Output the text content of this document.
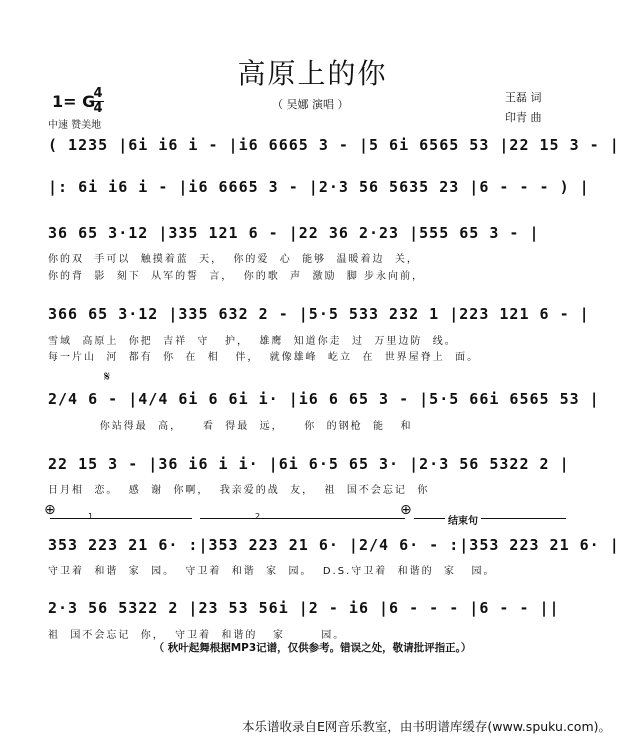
高原上的你
（ 吴娜 演唱 ）
1= G
4
4
中速 赞美地
王磊 词
印青 曲
( 1235 |6i i6 i - |i6 6665 3 - |5 6i 6565 53 |22 15 3 - |
|: 6i i6 i - |i6 6665 3 - |2·3 56 5635 23 |6 - - - ) |
36 65 3·12 |335 121 6 - |22 36 2·23 |555 65 3 - |
你的双  手可以  触摸着蓝  天，  你的爱  心  能够  温暖着边  关，
你的背  影  刻下  从军的誓  言，  你的歌  声  激励  脚 步永向前，
366 65 3·12 |335 632 2 - |5·5 533 232 1 |223 121 6 - |
雪域  高原上  你把  吉祥  守   护，  雄鹰  知道你走  过  万里边防  线。
每一片山  河  都有  你  在  相   伴，  就像雄峰  屹立  在  世界屋脊上  面。
𝄋
2/4 6 - |4/4 6i 6 6i i· |i6 6 65 3 - |5·5 66i 6565 53 |
你站得最  高，    看  得最  远，    你  的钢枪  能   和
22 15 3 - |36 i6 i i· |6i 6·5 65 3· |2·3 56 5322 2 |
日月相  恋。  感  谢  你啊，  我亲爱的战  友，  祖  国不会忘记  你
⊕	⊕
1	2	结束句
353 223 21 6· :|353 223 21 6· |2/4 6· - :|353 223 21 6· |
守卫着  和谐  家  园。  守卫着  和谐  家  园。  D.S.守卫着  和谐的  家   园。
2·3 56 5322 2 |23 53 56i |2 - i6 |6 - - - |6 - - ||
祖  国不会忘记  你，  守卫着  和谐的   家       园。
（ 秋叶起舞根据MP3记谱，仅供参考。错误之处，敬请批评指正。）
本乐谱收录自E网音乐教室，由书明谱库缓存(www.spuku.com)。
